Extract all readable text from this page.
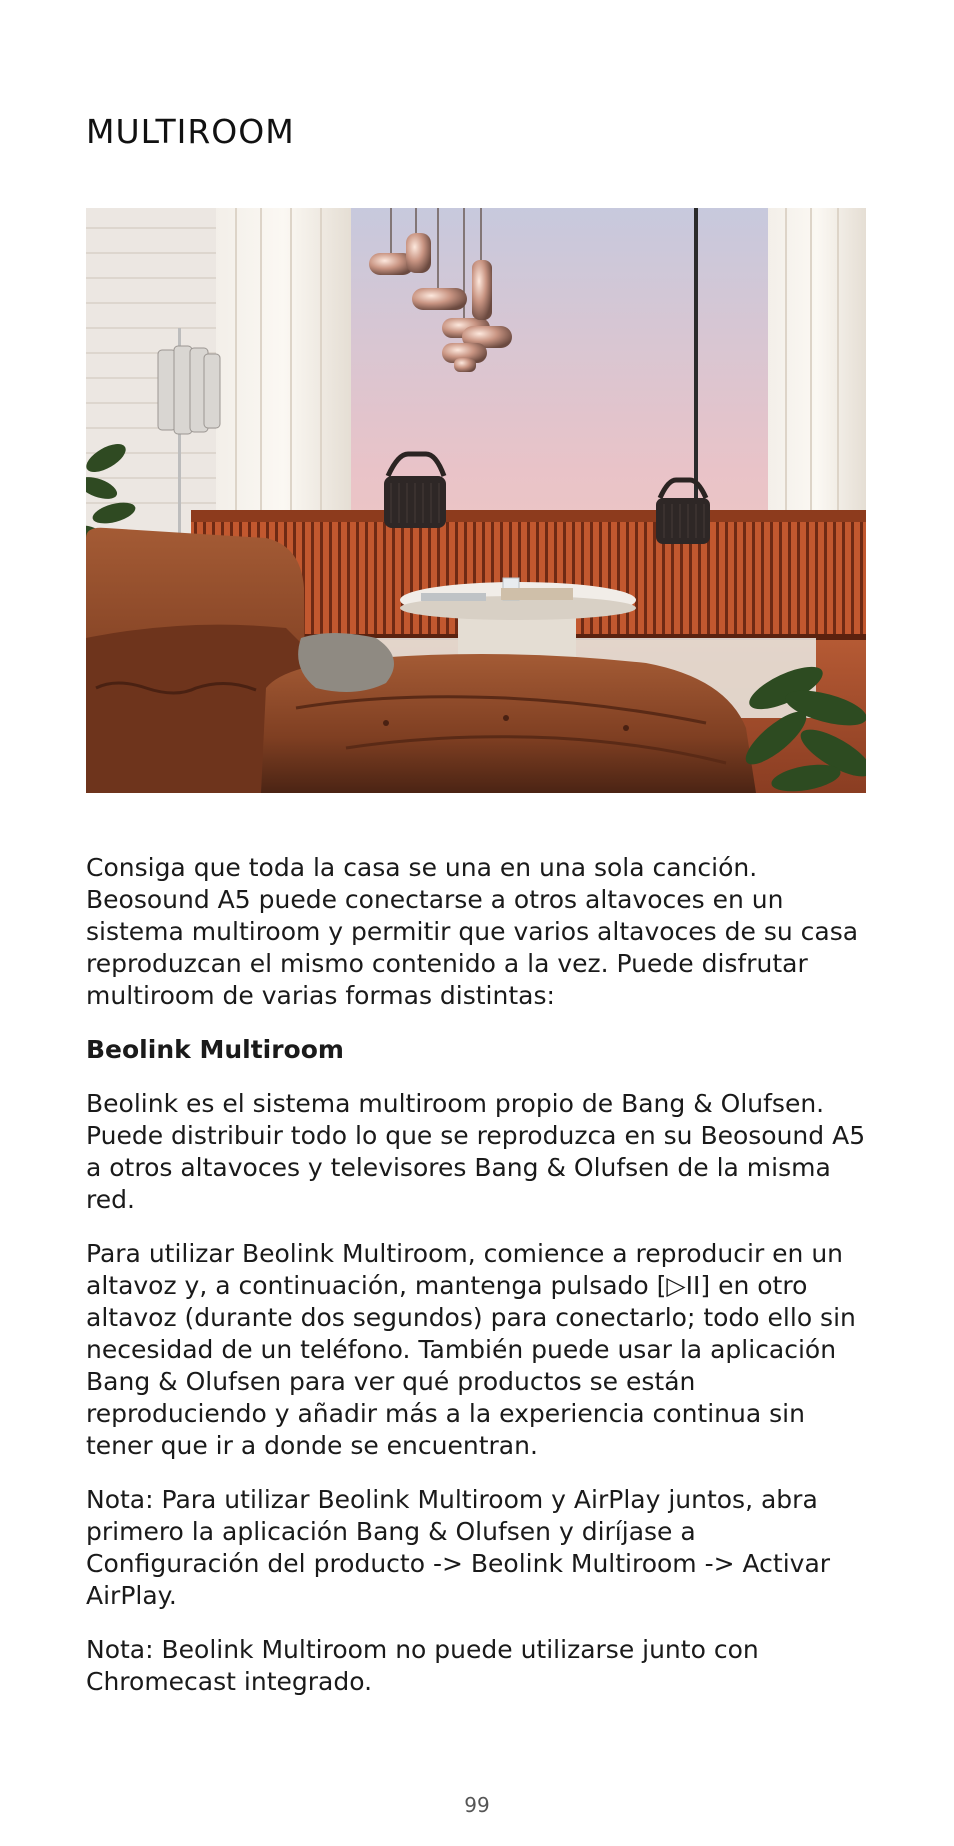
MULTIROOM

Consiga que toda la casa se una en una sola canción. Beosound A5 puede conectarse a otros altavoces en un sistema multiroom y permitir que varios altavoces de su casa reproduzcan el mismo contenido a la vez. Puede disfrutar multiroom de varias formas distintas:

Beolink Multiroom

Beolink es el sistema multiroom propio de Bang & Olufsen. Puede distribuir todo lo que se reproduzca en su Beosound A5 a otros altavoces y televisores Bang & Olufsen de la misma red.

Para utilizar Beolink Multiroom, comience a reproducir en un altavoz y, a continuación, mantenga pulsado [▷II] en otro altavoz (durante dos segundos) para conectarlo; todo ello sin necesidad de un teléfono. También puede usar la aplicación Bang & Olufsen para ver qué productos se están reproduciendo y añadir más a la experiencia continua sin tener que ir a donde se encuentran.

Nota: Para utilizar Beolink Multiroom y AirPlay juntos, abra primero la aplicación Bang & Olufsen y diríjase a Configuración del producto -> Beolink Multiroom -> Activar AirPlay.

Nota: Beolink Multiroom no puede utilizarse junto con Chromecast integrado.

99
